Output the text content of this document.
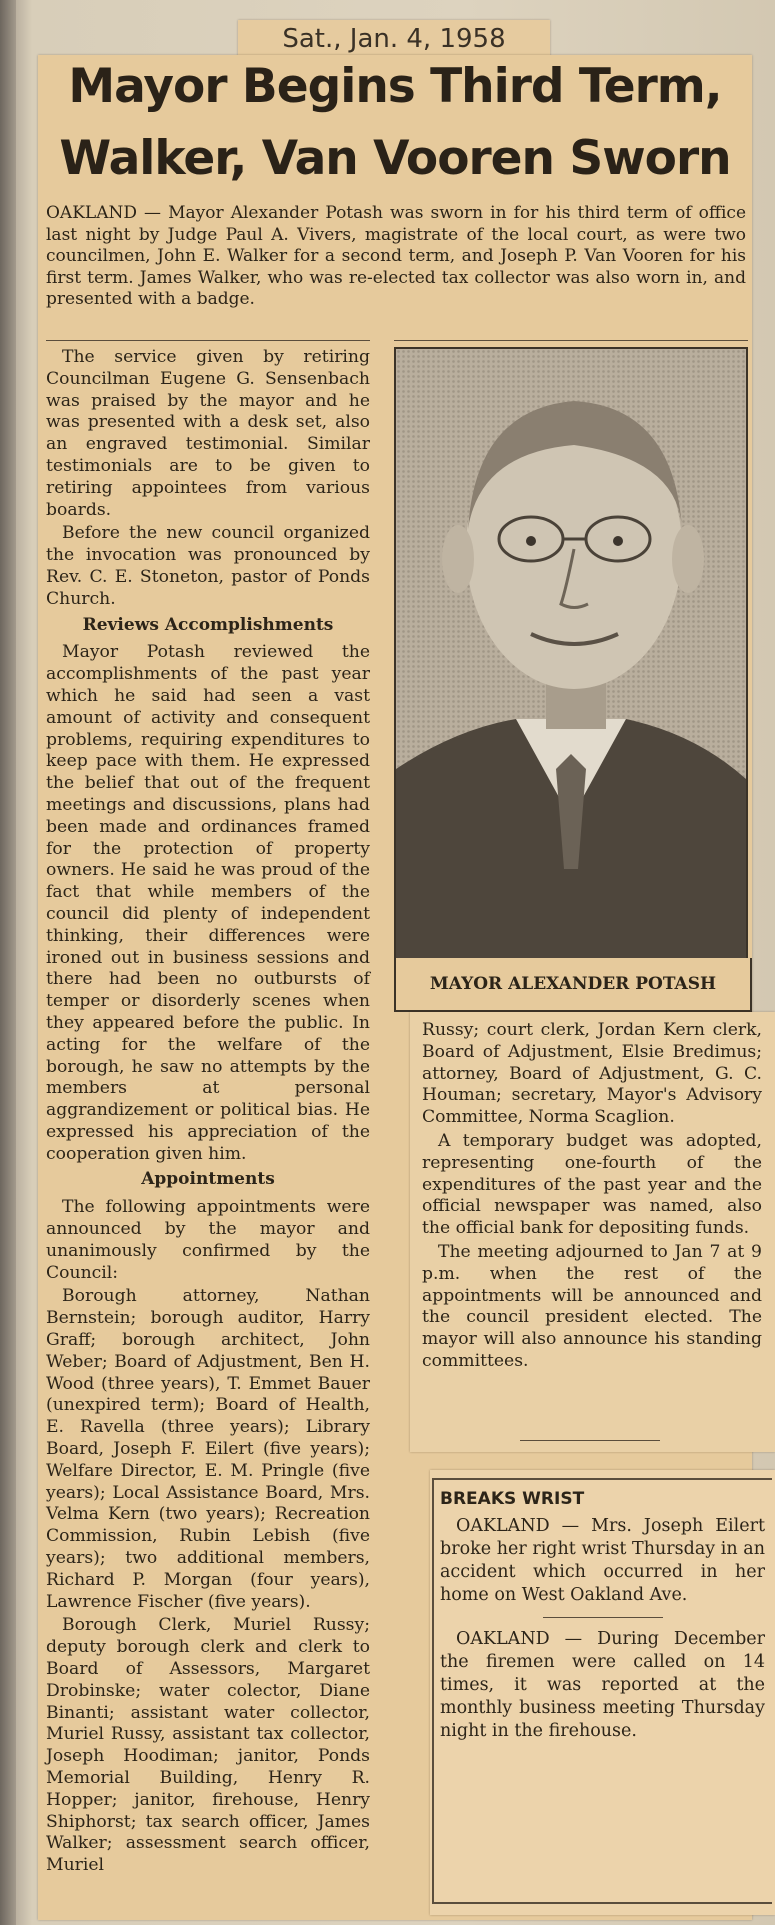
Sat., Jan. 4, 1958
Mayor Begins Third Term,
Walker, Van Vooren Sworn

OAKLAND — Mayor Alexander Potash was sworn in for his third term of office last night by Judge Paul A. Vivers, magistrate of the local court, as were two councilmen, John E. Walker for a second term, and Joseph P. Van Vooren for his first term. James Walker, who was re-elected tax collector was also worn in, and presented with a badge.

The service given by retiring Councilman Eugene G. Sensenbach was praised by the mayor and he was presented with a desk set, also an engraved testimonial. Similar testimonials are to be given to retiring appointees from various boards.

Before the new council organized the invocation was pronounced by Rev. C. E. Stoneton, pastor of Ponds Church.

Reviews Accomplishments

Mayor Potash reviewed the accomplishments of the past year which he said had seen a vast amount of activity and consequent problems, requiring expenditures to keep pace with them. He expressed the belief that out of the frequent meetings and discussions, plans had been made and ordinances framed for the protection of property owners. He said he was proud of the fact that while members of the council did plenty of independent thinking, their differences were ironed out in business sessions and there had been no outbursts of temper or disorderly scenes when they appeared before the public. In acting for the welfare of the borough, he saw no attempts by the members at personal aggrandizement or political bias. He expressed his appreciation of the cooperation given him.

Appointments

The following appointments were announced by the mayor and unanimously confirmed by the Council:

Borough attorney, Nathan Bernstein; borough auditor, Harry Graff; borough architect, John Weber; Board of Adjustment, Ben H. Wood (three years), T. Emmet Bauer (unexpired term); Board of Health, E. Ravella (three years); Library Board, Joseph F. Eilert (five years); Welfare Director, E. M. Pringle (five years); Local Assistance Board, Mrs. Velma Kern (two years); Recreation Commission, Rubin Lebish (five years); two additional members, Richard P. Morgan (four years), Lawrence Fischer (five years).

Borough Clerk, Muriel Russy; deputy borough clerk and clerk to Board of Assessors, Margaret Drobinske; water colector, Diane Binanti; assistant water collector, Muriel Russy, assistant tax collector, Joseph Hoodiman; janitor, Ponds Memorial Building, Henry R. Hopper; janitor, firehouse, Henry Shiphorst; tax search officer, James Walker; assessment search officer, Muriel

MAYOR ALEXANDER POTASH

Russy; court clerk, Jordan Kern clerk, Board of Adjustment, Elsie Bredimus; attorney, Board of Adjustment, G. C. Houman; secretary, Mayor's Advisory Committee, Norma Scaglion.

A temporary budget was adopted, representing one-fourth of the expenditures of the past year and the official newspaper was named, also the official bank for depositing funds.

The meeting adjourned to Jan 7 at 9 p.m. when the rest of the appointments will be announced and the council president elected. The mayor will also announce his standing committees.

BREAKS WRIST

OAKLAND — Mrs. Joseph Eilert broke her right wrist Thursday in an accident which occurred in her home on West Oakland Ave.

OAKLAND — During December the firemen were called on 14 times, it was reported at the monthly business meeting Thursday night in the firehouse.
